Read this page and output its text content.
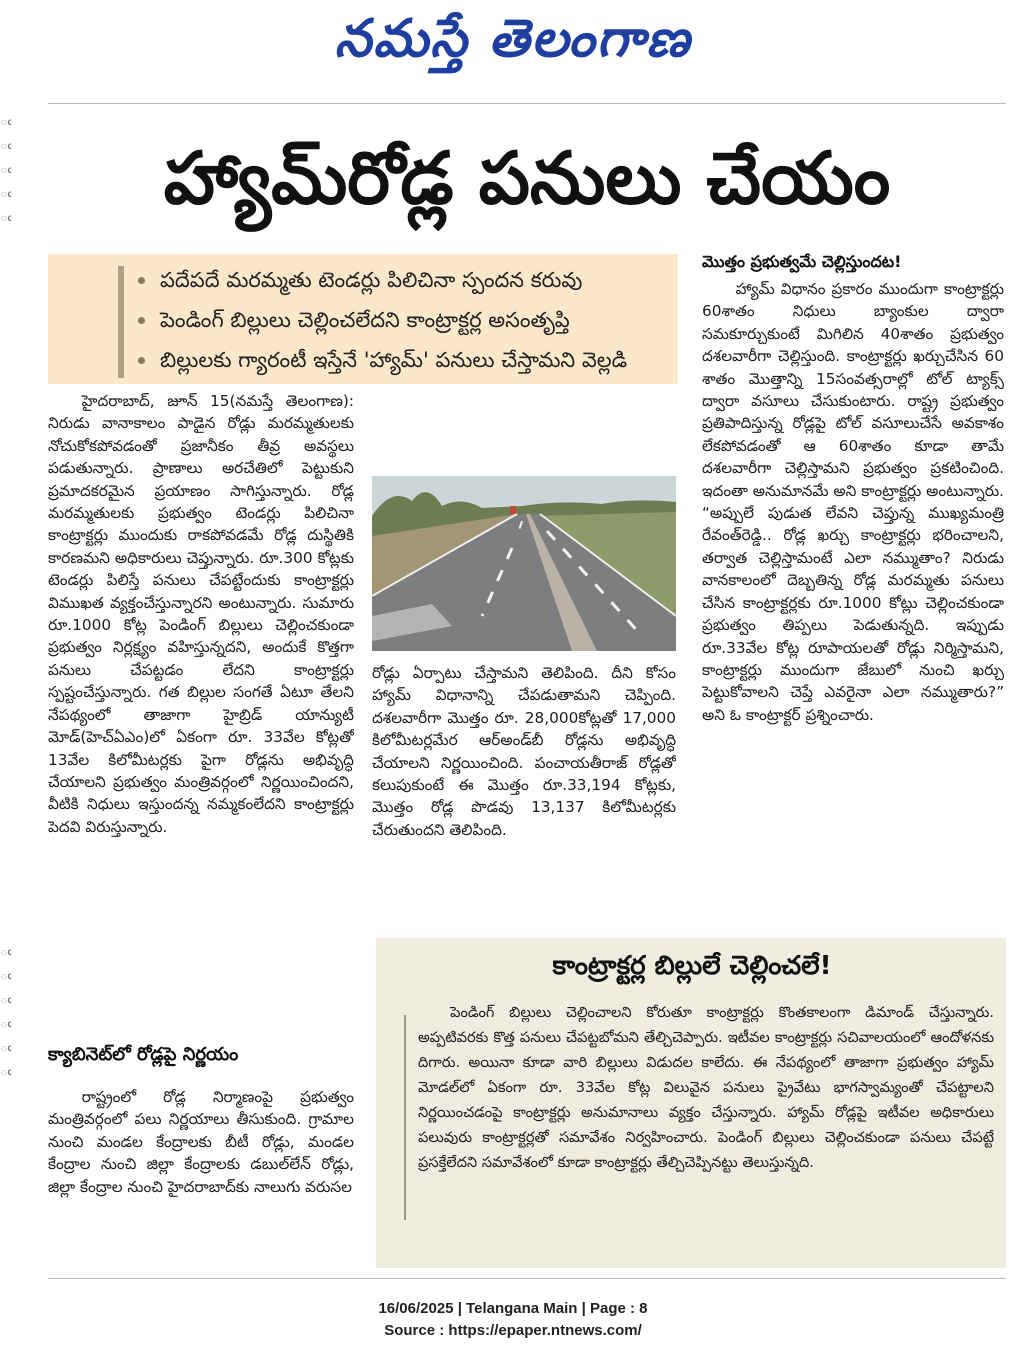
నమస్తే తెలంగాణ
ఁ
ఁ
ఁ
ఁ
ఁ
ఁ
ఁ
ఁ
ఁ
ఁ
ఁ
హ్యామ్‌రోడ్ల పనులు చేయం
పదేపదే మరమ్మతు టెండర్లు పిలిచినా స్పందన కరువు
పెండింగ్ బిల్లులు చెల్లించలేదని కాంట్రాక్టర్ల అసంతృప్తి
బిల్లులకు గ్యారంటీ ఇస్తేనే 'హ్యామ్' పనులు చేస్తామని వెల్లడి

హైదరాబాద్, జూన్ 15(నమస్తే తెలంగాణ): నిరుడు వానాకాలం పాడైన రోడ్లు మరమ్మతులకు నోచుకోకపోవడంతో ప్రజానీకం తీవ్ర అవస్థలు పడుతున్నారు. ప్రాణాలు అరచేతిలో పెట్టుకుని ప్రమాదకరమైన ప్రయాణం సాగిస్తున్నారు. రోడ్ల మరమ్మతులకు ప్రభుత్వం టెండర్లు పిలిచినా కాంట్రాక్టర్లు ముందుకు రాకపోవడమే రోడ్ల దుస్థితికి కారణమని అధికారులు చెప్తున్నారు. రూ.300 కోట్లకు టెండర్లు పిలిస్తే పనులు చేపట్టేందుకు కాంట్రాక్టర్లు విముఖత వ్యక్తంచేస్తున్నారని అంటున్నారు. సుమారు రూ.1000 కోట్ల పెండింగ్ బిల్లులు చెల్లించకుండా ప్రభుత్వం నిర్లక్ష్యం వహిస్తున్నదని, అందుకే కొత్తగా పనులు చేపట్టడం లేదని కాంట్రాక్టర్లు స్పష్టంచేస్తున్నారు. గత బిల్లుల సంగతే ఏటూ తేలని నేపథ్యంలో తాజాగా హైబ్రిడ్ యాన్యుటీ మోడ్(హెచ్ఏఎం)లో ఏకంగా రూ. 33వేల కోట్లతో 13వేల కిలోమీటర్లకు పైగా రోడ్లను అభివృద్ధి చేయాలని ప్రభుత్వం మంత్రివర్గంలో నిర్ణయించిందని, వీటికి నిధులు ఇస్తుందన్న నమ్మకంలేదని కాంట్రాక్టర్లు పెదవి విరుస్తున్నారు.

క్యాబినెట్‌లో రోడ్లపై నిర్ణయం

రాష్ట్రంలో రోడ్ల నిర్మాణంపై ప్రభుత్వం మంత్రివర్గంలో పలు నిర్ణయాలు తీసుకుంది. గ్రామాల నుంచి మండల కేంద్రాలకు బీటీ రోడ్లు, మండల కేంద్రాల నుంచి జిల్లా కేంద్రాలకు డబుల్‌లేన్ రోడ్లు, జిల్లా కేంద్రాల నుంచి హైదరాబాద్‌కు నాలుగు వరుసల

రోడ్లు ఏర్పాటు చేస్తామని తెలిపింది. దీని కోసం హ్యామ్ విధానాన్ని చేపడుతామని చెప్పింది. దశలవారీగా మొత్తం రూ. 28,000కోట్లతో 17,000 కిలోమీటర్లమేర ఆర్అండ్‌బీ రోడ్లను అభివృద్ధి చేయాలని నిర్ణయించింది. పంచాయతీరాజ్ రోడ్లతో కలుపుకుంటే ఈ మొత్తం రూ.33,194 కోట్లకు, మొత్తం రోడ్ల పొడవు 13,137 కిలోమీటర్లకు చేరుతుందని తెలిపింది.

మొత్తం ప్రభుత్వమే చెల్లిస్తుందట!

హ్యామ్ విధానం ప్రకారం ముందుగా కాంట్రాక్టర్లు 60శాతం నిధులు బ్యాంకుల ద్వారా సమకూర్చుకుంటే మిగిలిన 40శాతం ప్రభుత్వం దశలవారీగా చెల్లిస్తుంది. కాంట్రాక్టర్లు ఖర్చుచేసిన 60 శాతం మొత్తాన్ని 15సంవత్సరాల్లో టోల్ ట్యాక్స్ ద్వారా వసూలు చేసుకుంటారు. రాష్ట్ర ప్రభుత్వం ప్రతిపాదిస్తున్న రోడ్లపై టోల్ వసూలుచేసే అవకాశం లేకపోవడంతో ఆ 60శాతం కూడా తామే దశలవారీగా చెల్లిస్తామని ప్రభుత్వం ప్రకటించింది. ఇదంతా అనుమానమే అని కాంట్రాక్టర్లు అంటున్నారు. “అప్పులే పుడుత లేవని చెప్తున్న ముఖ్యమంత్రి రేవంత్‌రెడ్డి.. రోడ్ల ఖర్చు కాంట్రాక్టర్లు భరించాలని, తర్వాత చెల్లిస్తామంటే ఎలా నమ్ముతాం? నిరుడు వానకాలంలో దెబ్బతిన్న రోడ్ల మరమ్మతు పనులు చేసిన కాంట్రాక్టర్లకు రూ.1000 కోట్లు చెల్లించకుండా ప్రభుత్వం తిప్పలు పెడుతున్నది. ఇప్పుడు రూ.33వేల కోట్ల రూపాయలతో రోడ్లు నిర్మిస్తామని, కాంట్రాక్టర్లు ముందుగా జేబులో నుంచి ఖర్చు పెట్టుకోవాలని చెప్తే ఎవరైనా ఎలా నమ్ముతారు?” అని ఓ కాంట్రాక్టర్ ప్రశ్నించారు.

కాంట్రాక్టర్ల బిల్లులే చెల్లించలే!

పెండింగ్ బిల్లులు చెల్లించాలని కోరుతూ కాంట్రాక్టర్లు కొంతకాలంగా డిమాండ్ చేస్తున్నారు. అప్పటివరకు కొత్త పనులు చేపట్టబోమని తేల్చిచెప్పారు. ఇటీవల కాంట్రాక్టర్లు సచివాలయంలో ఆందోళనకు దిగారు. అయినా కూడా వారి బిల్లులు విడుదల కాలేదు. ఈ నేపథ్యంలో తాజాగా ప్రభుత్వం హ్యామ్ మోడల్‌లో ఏకంగా రూ. 33వేల కోట్ల విలువైన పనులు ప్రైవేటు భాగస్వామ్యంతో చేపట్టాలని నిర్ణయించడంపై కాంట్రాక్టర్లు అనుమానాలు వ్యక్తం చేస్తున్నారు. హ్యామ్ రోడ్లపై ఇటీవల అధికారులు పలువురు కాంట్రాక్టర్లతో సమావేశం నిర్వహించారు. పెండింగ్ బిల్లులు చెల్లించకుండా పనులు చేపట్టే ప్రసక్తేలేదని సమావేశంలో కూడా కాంట్రాక్టర్లు తేల్చిచెప్పినట్టు తెలుస్తున్నది.

16/06/2025 | Telangana Main | Page : 8
Source : https://epaper.ntnews.com/
